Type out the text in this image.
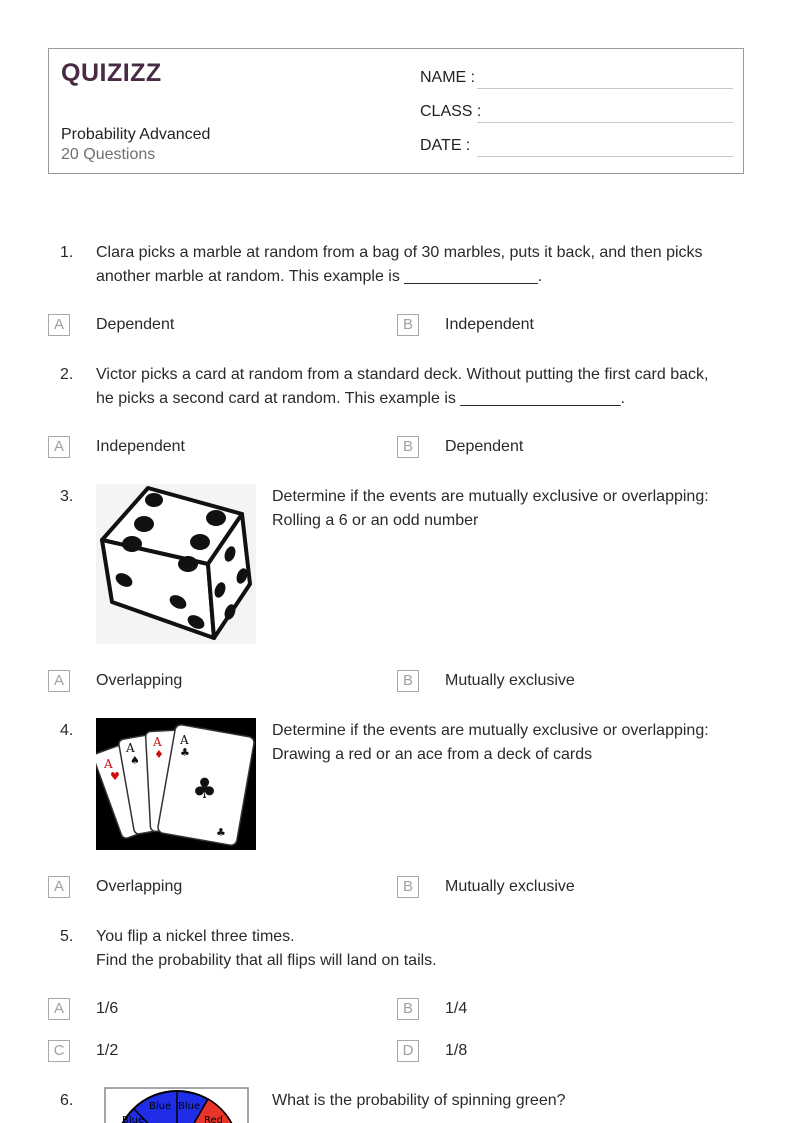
QUIZIZZ
Probability Advanced
20 Questions
NAME :
CLASS :
DATE :
1.	Clara picks a marble at random from a bag of 30 marbles, puts it back, and then picks
another marble at random. This example is _______________.
A	Dependent	B	Independent
2.	Victor picks a card at random from a standard deck. Without putting the first card back,
he picks a second card at random. This example is __________________.
A	Independent	B	Dependent
3.	Determine if the events are mutually exclusive or overlapping:
Rolling a 6 or an odd number
A	Overlapping	B	Mutually exclusive
4.
A
♥
A
♠
A
♦
A
♣
♣
♣
Determine if the events are mutually exclusive or overlapping:
Drawing a red or an ace from a deck of cards
A	Overlapping	B	Mutually exclusive
5.	You flip a nickel three times.
Find the probability that all flips will land on tails.
A	1/6	B	1/4
C	1/2	D	1/8
6.	Blue Blue
Blue	Red
What is the probability of spinning green?
